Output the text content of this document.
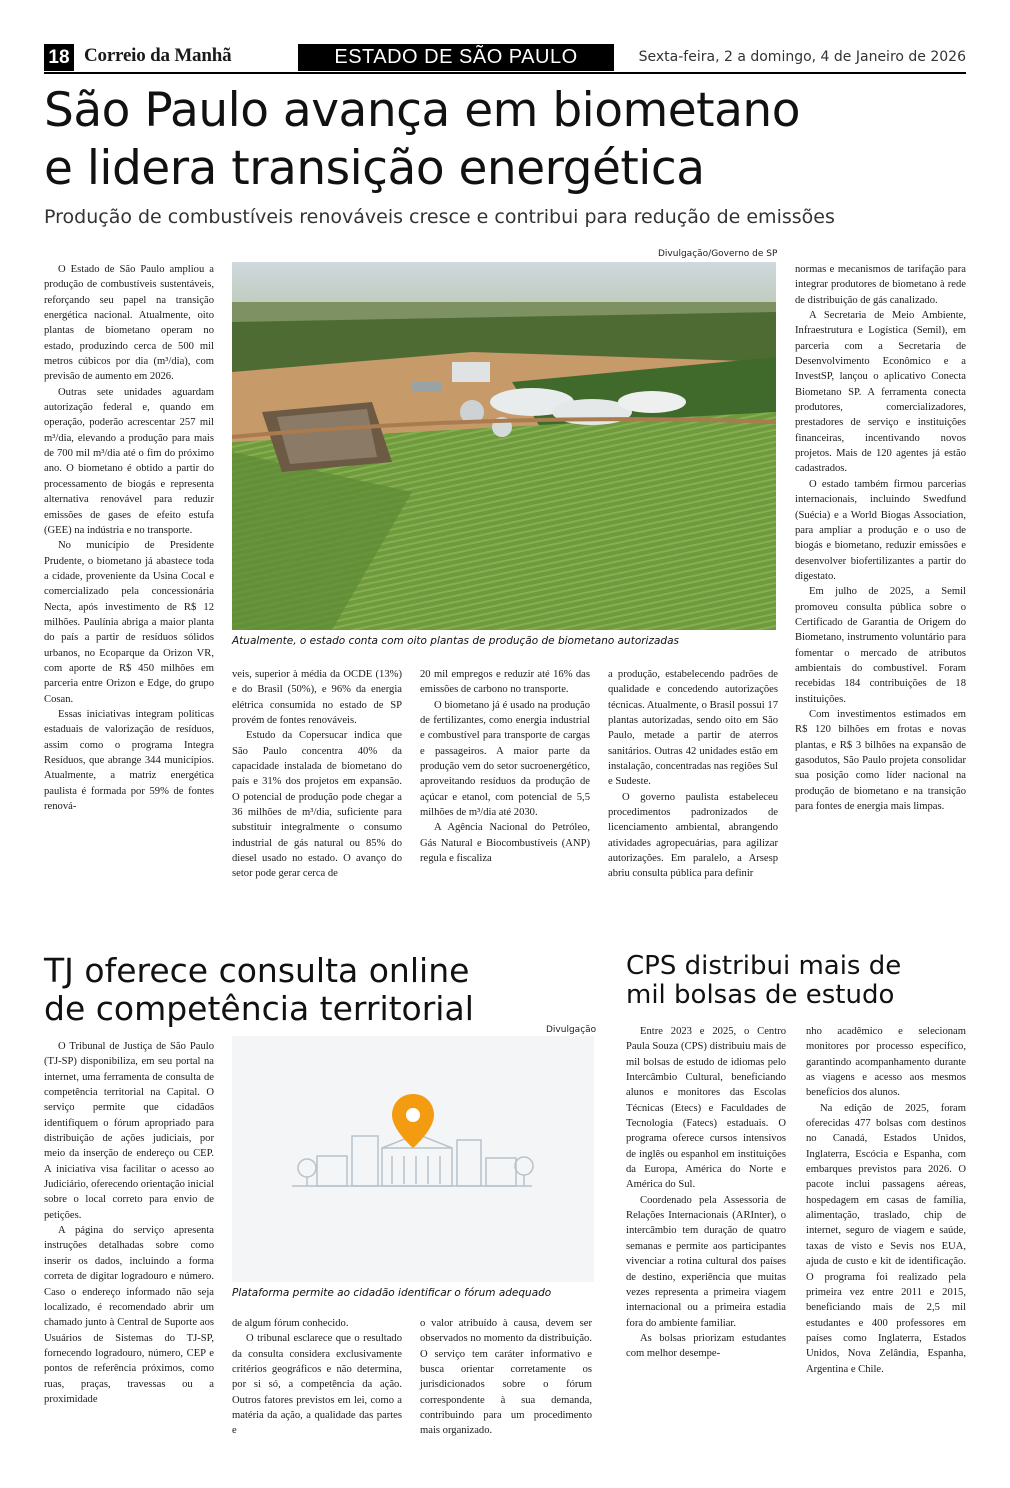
18 Correio da Manhã	ESTADO DE SÃO PAULO	Sexta-feira, 2 a domingo, 4 de Janeiro de 2026
São Paulo avança em biometano
e lidera transição energética
Produção de combustíveis renováveis cresce e contribui para redução de emissões
Divulgação/Governo de SP
Atualmente, o estado conta com oito plantas de produção de biometano autorizadas

O Estado de São Paulo ampliou a produção de combustíveis sustentáveis, reforçando seu papel na transição energética nacional. Atualmente, oito plantas de biometano operam no estado, produzindo cerca de 500 mil metros cúbicos por dia (m³/dia), com previsão de aumento em 2026.

Outras sete unidades aguardam autorização federal e, quando em operação, poderão acrescentar 257 mil m³/dia, elevando a produção para mais de 700 mil m³/dia até o fim do próximo ano. O biometano é obtido a partir do processamento de biogás e representa alternativa renovável para reduzir emissões de gases de efeito estufa (GEE) na indústria e no transporte.

No município de Presidente Prudente, o biometano já abastece toda a cidade, proveniente da Usina Cocal e comercializado pela concessionária Necta, após investimento de R$ 12 milhões. Paulínia abriga a maior planta do país a partir de resíduos sólidos urbanos, no Ecoparque da Orizon VR, com aporte de R$ 450 milhões em parceria entre Orizon e Edge, do grupo Cosan.

Essas iniciativas integram políticas estaduais de valorização de resíduos, assim como o programa Integra Resíduos, que abrange 344 municípios. Atualmente, a matriz energética paulista é formada por 59% de fontes renová-

veis, superior à média da OCDE (13%) e do Brasil (50%), e 96% da energia elétrica consumida no estado de SP provém de fontes renováveis.

Estudo da Copersucar indica que São Paulo concentra 40% da capacidade instalada de biometano do país e 31% dos projetos em expansão. O potencial de produção pode chegar a 36 milhões de m³/dia, suficiente para substituir integralmente o consumo industrial de gás natural ou 85% do diesel usado no estado. O avanço do setor pode gerar cerca de

20 mil empregos e reduzir até 16% das emissões de carbono no transporte.

O biometano já é usado na produção de fertilizantes, como energia industrial e combustível para transporte de cargas e passageiros. A maior parte da produção vem do setor sucroenergético, aproveitando resíduos da produção de açúcar e etanol, com potencial de 5,5 milhões de m³/dia até 2030.

A Agência Nacional do Petróleo, Gás Natural e Biocombustíveis (ANP) regula e fiscaliza

a produção, estabelecendo padrões de qualidade e concedendo autorizações técnicas. Atualmente, o Brasil possui 17 plantas autorizadas, sendo oito em São Paulo, metade a partir de aterros sanitários. Outras 42 unidades estão em instalação, concentradas nas regiões Sul e Sudeste.

O governo paulista estabeleceu procedimentos padronizados de licenciamento ambiental, abrangendo atividades agropecuárias, para agilizar autorizações. Em paralelo, a Arsesp abriu consulta pública para definir

normas e mecanismos de tarifação para integrar produtores de biometano à rede de distribuição de gás canalizado.

A Secretaria de Meio Ambiente, Infraestrutura e Logística (Semil), em parceria com a Secretaria de Desenvolvimento Econômico e a InvestSP, lançou o aplicativo Conecta Biometano SP. A ferramenta conecta produtores, comercializadores, prestadores de serviço e instituições financeiras, incentivando novos projetos. Mais de 120 agentes já estão cadastrados.

O estado também firmou parcerias internacionais, incluindo Swedfund (Suécia) e a World Biogas Association, para ampliar a produção e o uso de biogás e biometano, reduzir emissões e desenvolver biofertilizantes a partir do digestato.

Em julho de 2025, a Semil promoveu consulta pública sobre o Certificado de Garantia de Origem do Biometano, instrumento voluntário para fomentar o mercado de atributos ambientais do combustível. Foram recebidas 184 contribuições de 18 instituições.

Com investimentos estimados em R$ 120 bilhões em frotas e novas plantas, e R$ 3 bilhões na expansão de gasodutos, São Paulo projeta consolidar sua posição como líder nacional na produção de biometano e na transição para fontes de energia mais limpas.

TJ oferece consulta online
de competência territorial
Divulgação
Plataforma permite ao cidadão identificar o fórum adequado

O Tribunal de Justiça de São Paulo (TJ-SP) disponibiliza, em seu portal na internet, uma ferramenta de consulta de competência territorial na Capital. O serviço permite que cidadãos identifiquem o fórum apropriado para distribuição de ações judiciais, por meio da inserção de endereço ou CEP. A iniciativa visa facilitar o acesso ao Judiciário, oferecendo orientação inicial sobre o local correto para envio de petições.

A página do serviço apresenta instruções detalhadas sobre como inserir os dados, incluindo a forma correta de digitar logradouro e número. Caso o endereço informado não seja localizado, é recomendado abrir um chamado junto à Central de Suporte aos Usuários de Sistemas do TJ-SP, fornecendo logradouro, número, CEP e pontos de referência próximos, como ruas, praças, travessas ou a proximidade

de algum fórum conhecido.

O tribunal esclarece que o resultado da consulta considera exclusivamente critérios geográficos e não determina, por si só, a competência da ação. Outros fatores previstos em lei, como a matéria da ação, a qualidade das partes e

o valor atribuído à causa, devem ser observados no momento da distribuição. O serviço tem caráter informativo e busca orientar corretamente os jurisdicionados sobre o fórum correspondente à sua demanda, contribuindo para um procedimento mais organizado.

CPS distribui mais de
mil bolsas de estudo

Entre 2023 e 2025, o Centro Paula Souza (CPS) distribuiu mais de mil bolsas de estudo de idiomas pelo Intercâmbio Cultural, beneficiando alunos e monitores das Escolas Técnicas (Etecs) e Faculdades de Tecnologia (Fatecs) estaduais. O programa oferece cursos intensivos de inglês ou espanhol em instituições da Europa, América do Norte e América do Sul.

Coordenado pela Assessoria de Relações Internacionais (ARInter), o intercâmbio tem duração de quatro semanas e permite aos participantes vivenciar a rotina cultural dos países de destino, experiência que muitas vezes representa a primeira viagem internacional ou a primeira estadia fora do ambiente familiar.

As bolsas priorizam estudantes com melhor desempe-

nho acadêmico e selecionam monitores por processo específico, garantindo acompanhamento durante as viagens e acesso aos mesmos benefícios dos alunos.

Na edição de 2025, foram oferecidas 477 bolsas com destinos no Canadá, Estados Unidos, Inglaterra, Escócia e Espanha, com embarques previstos para 2026. O pacote inclui passagens aéreas, hospedagem em casas de família, alimentação, traslado, chip de internet, seguro de viagem e saúde, taxas de visto e Sevis nos EUA, ajuda de custo e kit de identificação. O programa foi realizado pela primeira vez entre 2011 e 2015, beneficiando mais de 2,5 mil estudantes e 400 professores em países como Inglaterra, Estados Unidos, Nova Zelândia, Espanha, Argentina e Chile.
